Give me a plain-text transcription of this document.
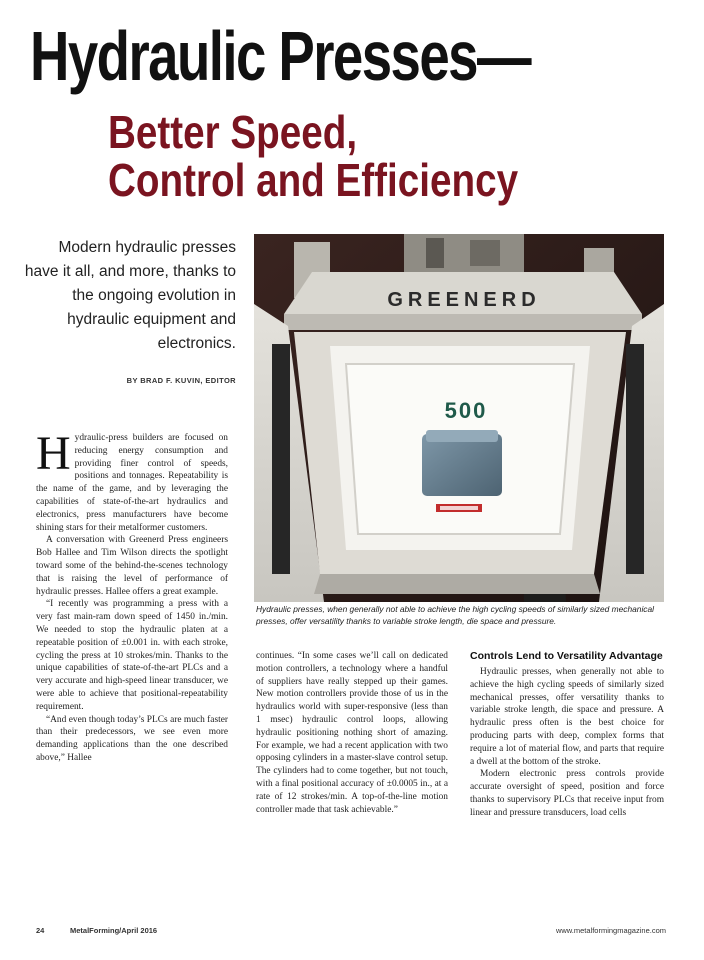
Hydraulic Presses—
Better Speed,
Control and Efficiency
Modern hydraulic presses have it all, and more, thanks to the ongoing evolution in hydraulic equipment and electronics.
BY BRAD F. KUVIN, EDITOR
GREENERD
500
Hydraulic presses, when generally not able to achieve the high cycling speeds of similarly sized mechanical presses, offer versatility thanks to variable stroke length, die space and pressure.

Hydraulic-press builders are focused on reducing energy consumption and providing finer control of speeds, positions and tonnages. Repeatability is the name of the game, and by leveraging the capabilities of state-of-the-art hydraulics and electronics, press manufacturers have become shining stars for their metalformer customers.

A conversation with Greenerd Press engineers Bob Hallee and Tim Wilson directs the spotlight toward some of the behind-the-scenes technology that is raising the level of performance of hydraulic presses. Hallee offers a great example.

“I recently was programming a press with a very fast main-ram down speed of 1450 in./min. We needed to stop the hydraulic platen at a repeatable position of ±0.001 in. with each stroke, cycling the press at 10 strokes/min. Thanks to the unique capabilities of state-of-the-art PLCs and a very accurate and high-speed linear transducer, we were able to achieve that positional-repeatability requirement.

“And even though today’s PLCs are much faster than their predecessors, we see even more demanding applications than the one described above,” Hallee

continues. “In some cases we’ll call on dedicated motion controllers, a technology where a handful of suppliers have really stepped up their games. New motion controllers provide those of us in the hydraulics world with super-responsive (less than 1 msec) hydraulic control loops, allowing hydraulic positioning nothing short of amazing. For example, we had a recent application with two opposing cylinders in a master-slave control setup. The cylinders had to come together, but not touch, with a final positional accuracy of ±0.0005 in., at a rate of 12 strokes/min. A top-of-the-line motion controller made that task achievable.”

Controls Lend to Versatility Advantage

Hydraulic presses, when generally not able to achieve the high cycling speeds of similarly sized mechanical presses, offer versatility thanks to variable stroke length, die space and pressure. A hydraulic press often is the best choice for producing parts with deep, complex forms that require a lot of material flow, and parts that require a dwell at the bottom of the stroke.

Modern electronic press controls provide accurate oversight of speed, position and force thanks to supervisory PLCs that receive input from linear and pressure transducers, load cells

24	MetalForming/April 2016	www.metalformingmagazine.com
